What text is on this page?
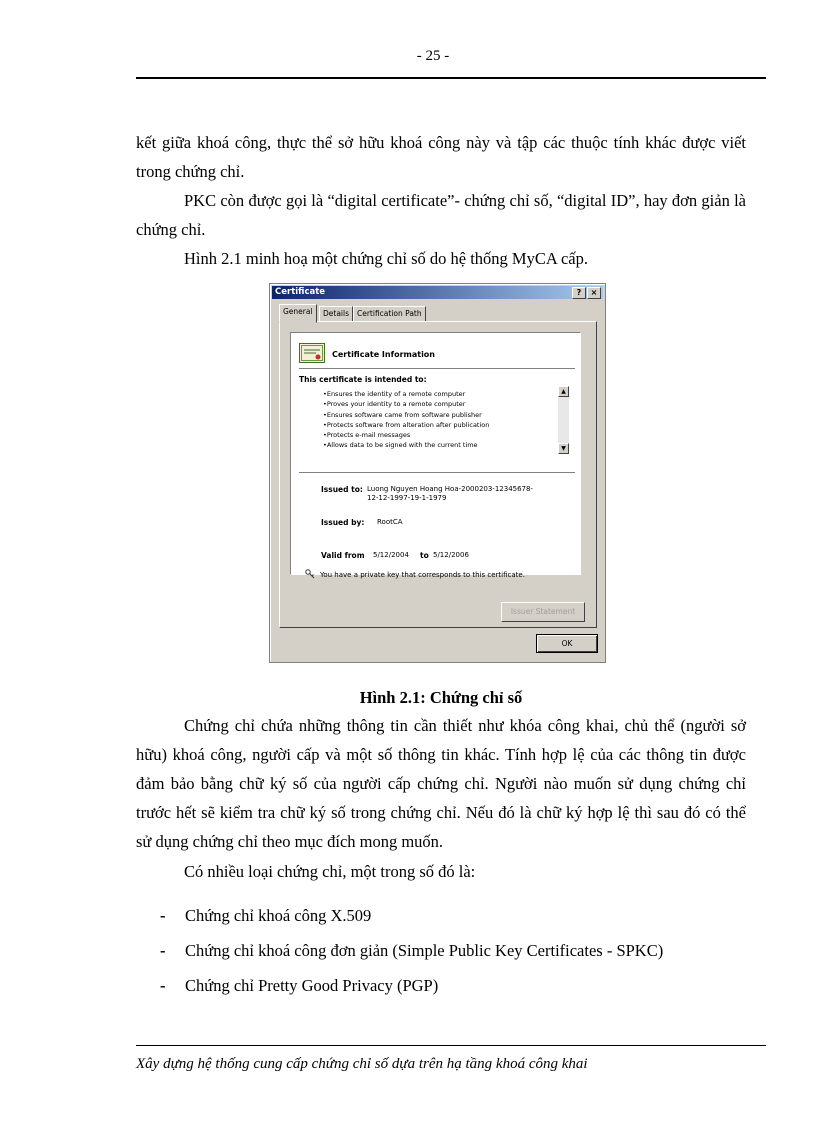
- 25 -

kết giữa khoá công, thực thể sở hữu khoá công này và tập các thuộc tính khác được viết trong chứng chỉ.

PKC còn được gọi là “digital certificate”- chứng chỉ số, “digital ID”, hay đơn giản là chứng chỉ.

Hình 2.1 minh hoạ một chứng chỉ số do hệ thống MyCA cấp.

Certificate	?	×
General	Details	Certification Path
Certificate Information
This certificate is intended to:
•Ensures the identity of a remote computer
•Proves your identity to a remote computer
•Ensures software came from software publisher
•Protects software from alteration after publication
•Protects e-mail messages
•Allows data to be signed with the current time
▲
▼
Issued to: Luong Nguyen Hoang Hoa-2000203-12345678-
12-12-1997-19-1-1979
Issued by: RootCA
Valid from 5/12/2004 to 5/12/2006
You have a private key that corresponds to this certificate.
Issuer Statement
OK
Hình 2.1: Chứng chỉ số

Chứng chỉ chứa những thông tin cần thiết như khóa công khai, chủ thể (người sở hữu) khoá công, người cấp và một số thông tin khác. Tính hợp lệ của các thông tin được đảm bảo bằng chữ ký số của người cấp chứng chỉ. Người nào muốn sử dụng chứng chỉ trước hết sẽ kiểm tra chữ ký số trong chứng chỉ. Nếu đó là chữ ký hợp lệ thì sau đó có thể sử dụng chứng chỉ theo mục đích mong muốn.

Có nhiều loại chứng chỉ, một trong số đó là:

- Chứng chỉ khoá công X.509
- Chứng chỉ khoá công đơn giản (Simple Public Key Certificates - SPKC)
- Chứng chỉ Pretty Good Privacy (PGP)
Xây dựng hệ thống cung cấp chứng chỉ số dựa trên hạ tầng khoá công khai
